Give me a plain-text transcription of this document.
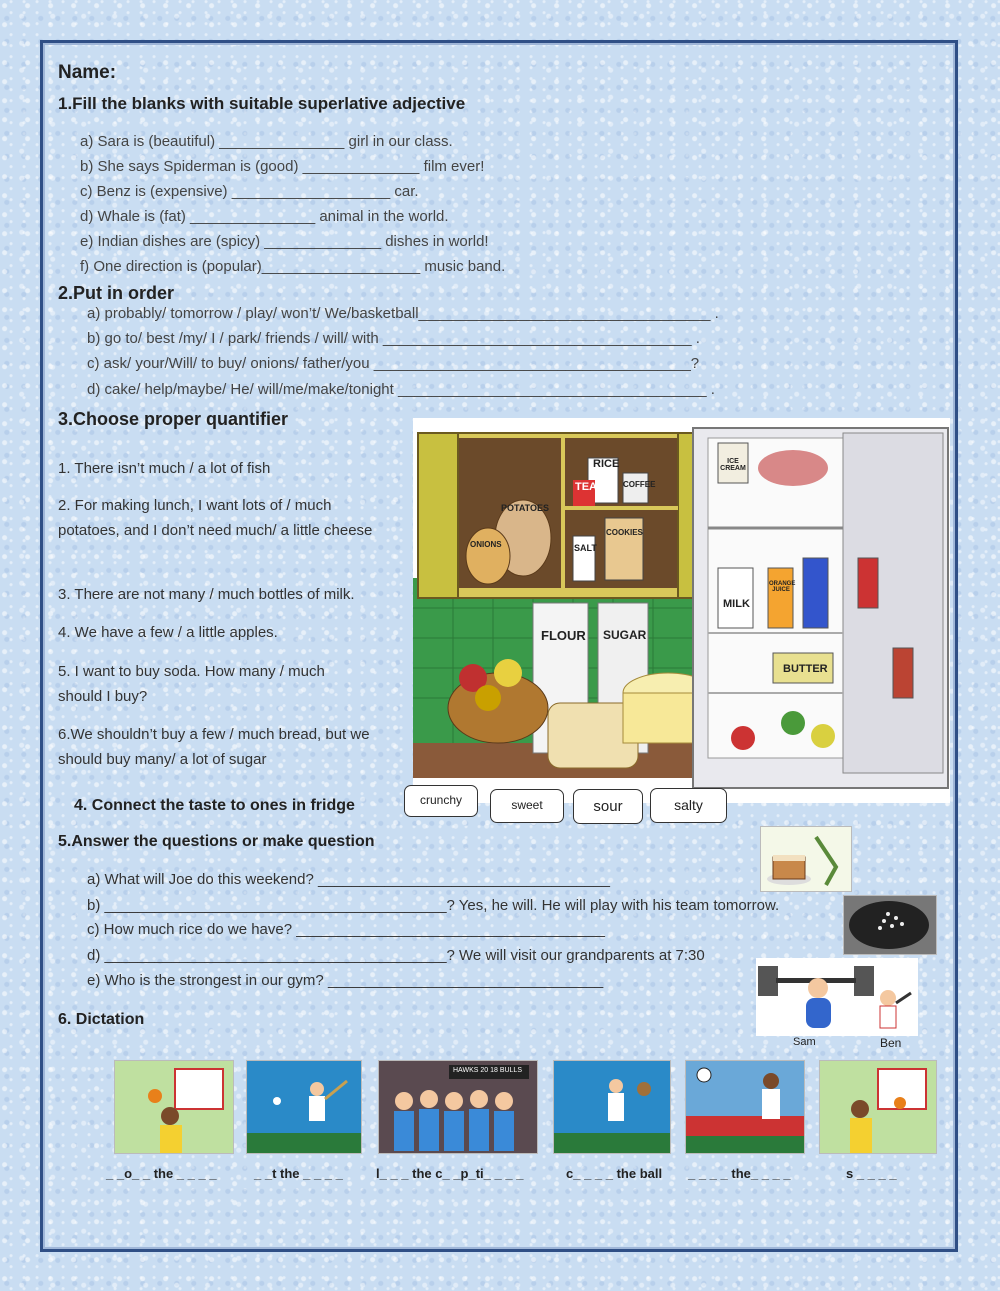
Name:
1.Fill the blanks with suitable superlative adjective
a) Sara is (beautiful) _______________ girl in our class.
b) She says Spiderman is (good) ______________ film ever!
c) Benz is (expensive) ___________________ car.
d) Whale is (fat) _______________ animal in the world.
e) Indian dishes are (spicy) ______________ dishes in world!
f) One direction is (popular)___________________ music band.
2.Put in order
a) probably/ tomorrow / play/ won’t/ We/basketball___________________________________ .
b) go to/ best /my/ I / park/ friends / will/ with _____________________________________ .
c) ask/ your/Will/ to buy/ onions/ father/you ______________________________________?
d) cake/ help/maybe/ He/ will/me/make/tonight _____________________________________ .
3.Choose proper quantifier
1. There isn’t much / a lot of fish
2. For making lunch, I want lots of / much potatoes, and I don’t need much/ a little cheese
3. There are not many / much bottles of milk.
4. We have a few / a little apples.
5. I want to buy soda. How many / much should I buy?
6.We shouldn’t buy a few / much bread, but we should buy many/ a lot of sugar
RICE
TEA	COFFEE
POTATOES
ONIONS	SALT
COOKIES
FLOUR SUGAR
ICE CREAM
MILK
ORANGE JUICE
BUTTER
4. Connect the taste to ones in fridge	crunchy	sweet	sour	salty
5.Answer the questions or make question
a) What will Joe do this weekend? ___________________________________
b) _________________________________________? Yes, he will. He will play with his team tomorrow.
c) How much rice do we have? _____________________________________
d) _________________________________________? We will visit our grandparents at 7:30
e) Who is the strongest in our gym? _________________________________
Sam	Ben
6. Dictation
HAWKS 20 18 BULLS
_ _o_ _ the _ _ _ _	_ _t the _ _ _ _	l_ _ _ the c_ _p_ti_ _ _ _	c_ _ _ _ the ball _ _ _ _ the_ _ _ _	s _ _ _ _
